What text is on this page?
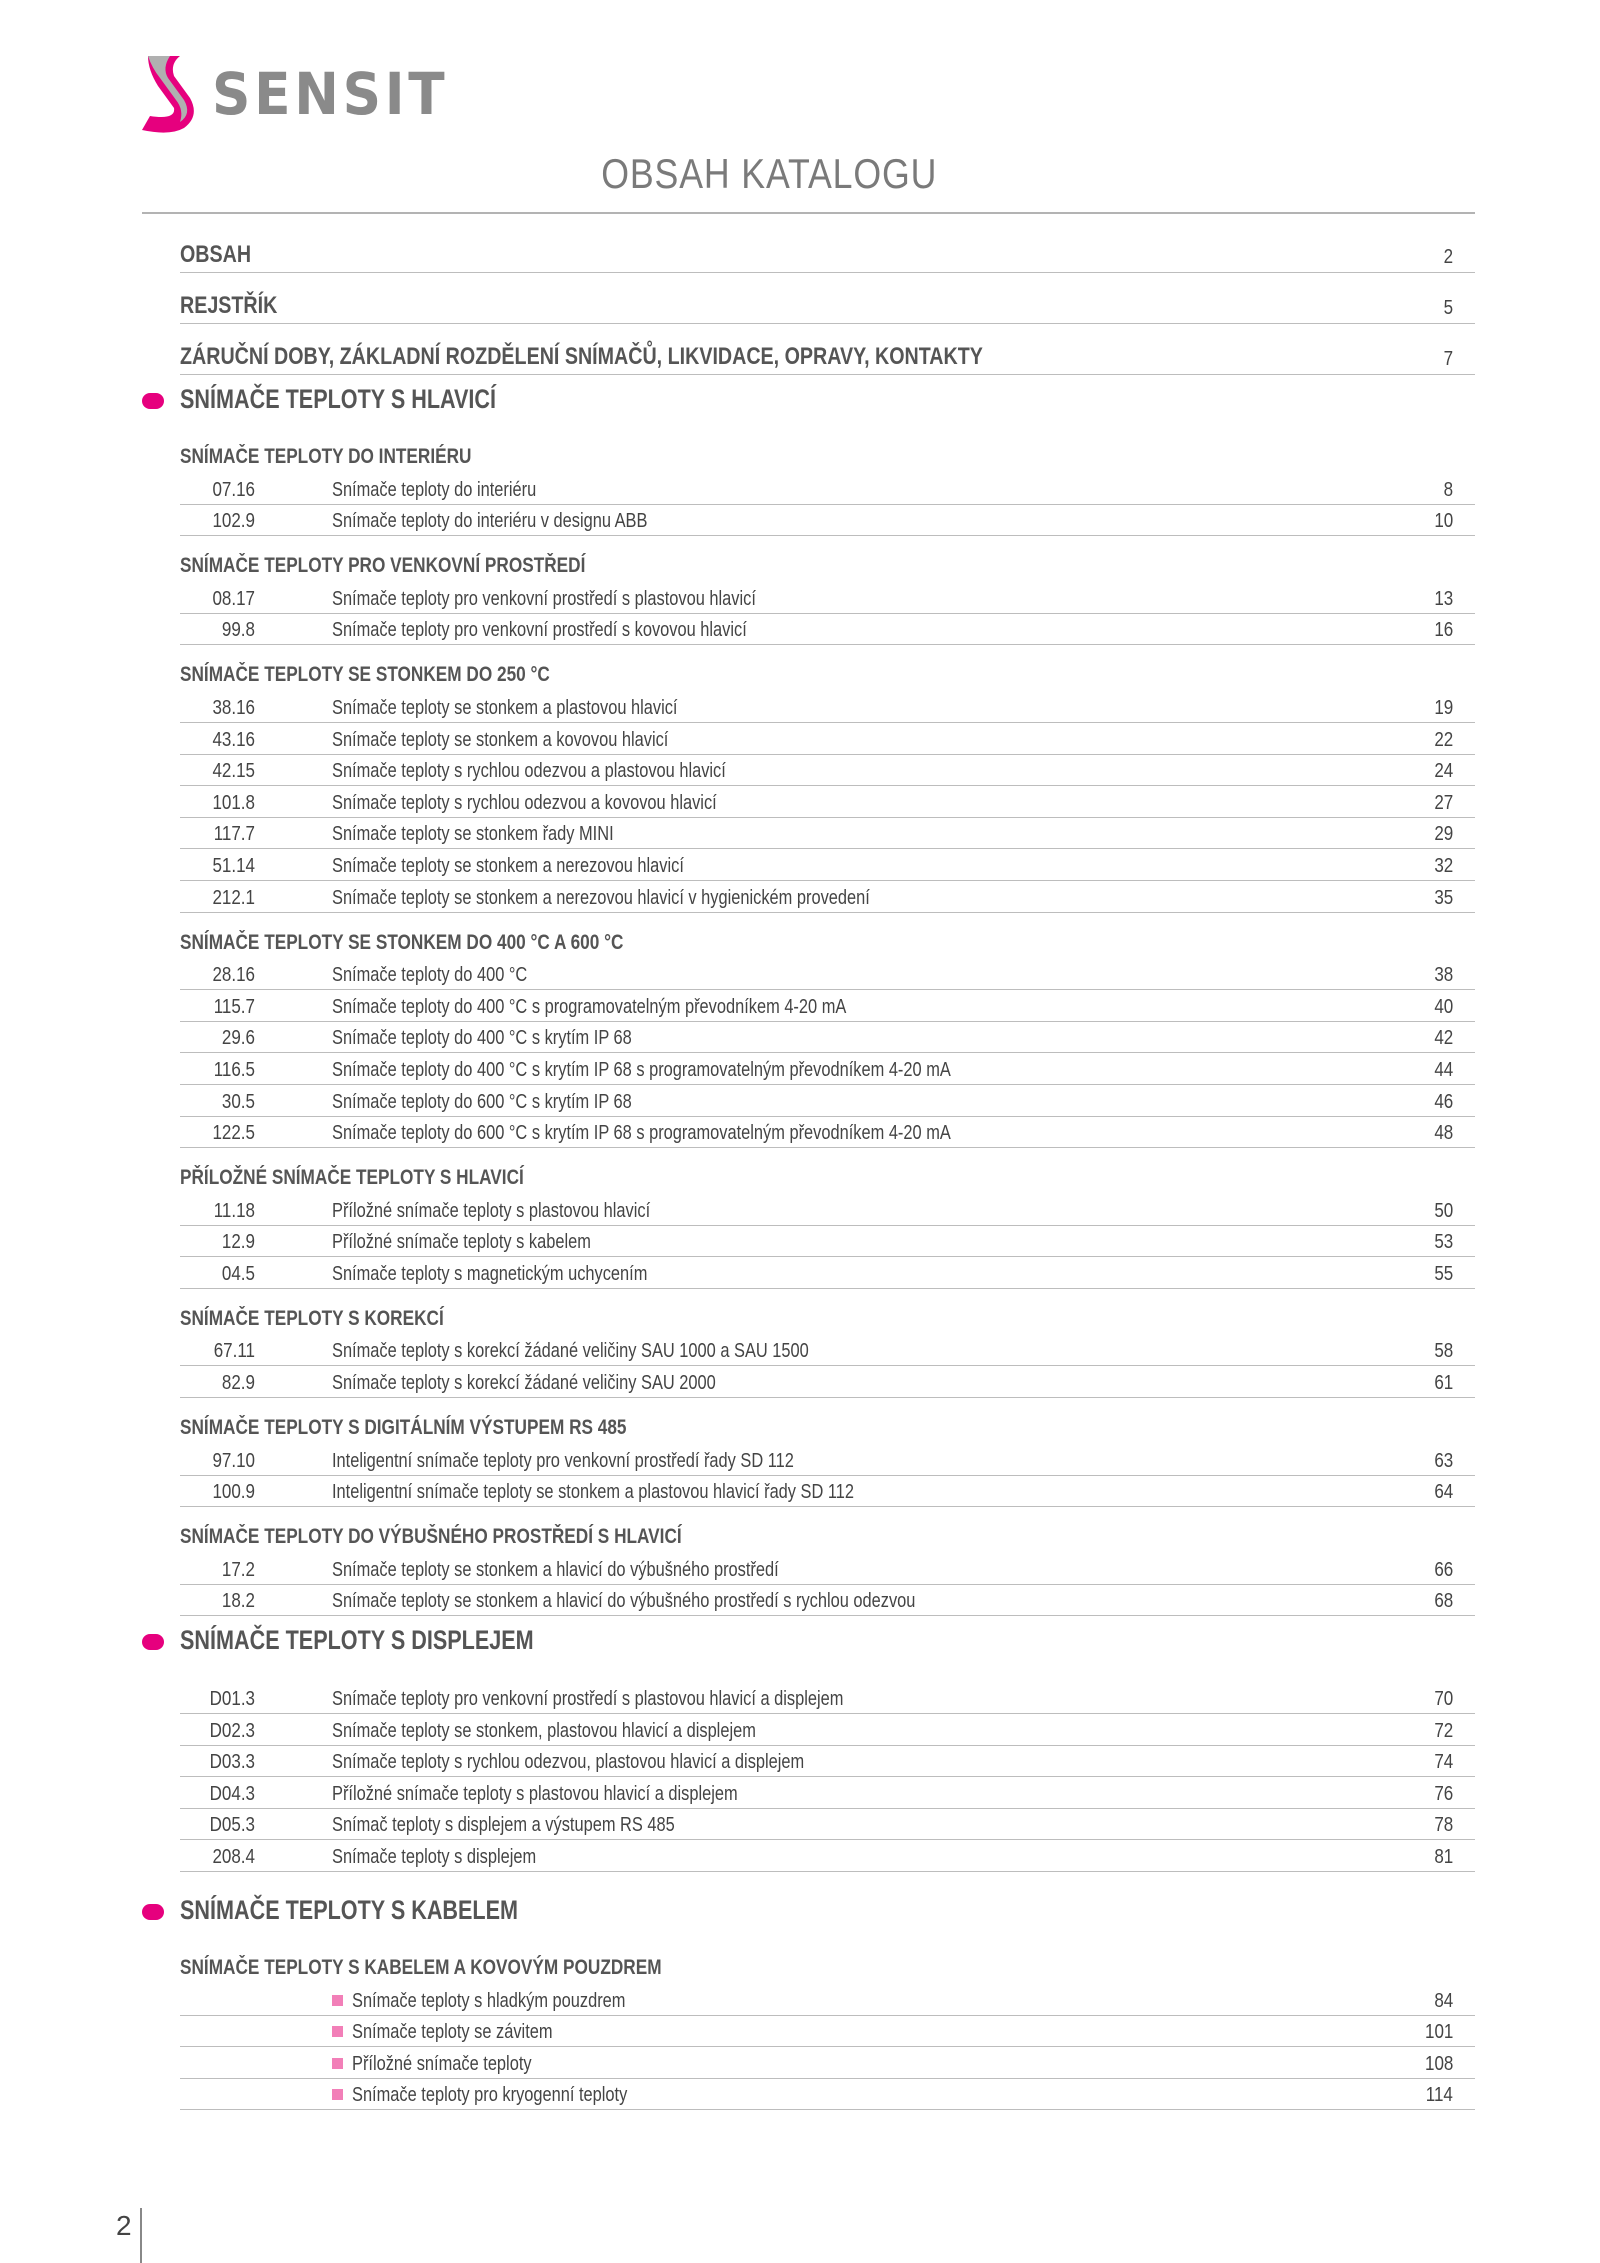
SENSIT
OBSAH KATALOGU
OBSAH	2
REJSTŘÍK	5
ZÁRUČNÍ DOBY, ZÁKLADNÍ ROZDĚLENÍ SNÍMAČŮ, LIKVIDACE, OPRAVY, KONTAKTY	7
SNÍMAČE TEPLOTY S HLAVICÍ
SNÍMAČE TEPLOTY DO INTERIÉRU
07.16	Snímače teploty do interiéru	8
102.9	Snímače teploty do interiéru v designu ABB	10
SNÍMAČE TEPLOTY PRO VENKOVNÍ PROSTŘEDÍ
08.17	Snímače teploty pro venkovní prostředí s plastovou hlavicí	13
99.8	Snímače teploty pro venkovní prostředí s kovovou hlavicí	16
SNÍMAČE TEPLOTY SE STONKEM DO 250 °C
38.16	Snímače teploty se stonkem a plastovou hlavicí	19
43.16	Snímače teploty se stonkem a kovovou hlavicí	22
42.15	Snímače teploty s rychlou odezvou a plastovou hlavicí	24
101.8	Snímače teploty s rychlou odezvou a kovovou hlavicí	27
117.7	Snímače teploty se stonkem řady MINI	29
51.14	Snímače teploty se stonkem a nerezovou hlavicí	32
212.1	Snímače teploty se stonkem a nerezovou hlavicí v hygienickém provedení	35
SNÍMAČE TEPLOTY SE STONKEM DO 400 °C A 600 °C
28.16	Snímače teploty do 400 °C	38
115.7	Snímače teploty do 400 °C s programovatelným převodníkem 4-20 mA	40
29.6	Snímače teploty do 400 °C s krytím IP 68	42
116.5	Snímače teploty do 400 °C s krytím IP 68 s programovatelným převodníkem 4-20 mA	44
30.5	Snímače teploty do 600 °C s krytím IP 68	46
122.5	Snímače teploty do 600 °C s krytím IP 68 s programovatelným převodníkem 4-20 mA	48
PŘÍLOŽNÉ SNÍMAČE TEPLOTY S HLAVICÍ
11.18	Příložné snímače teploty s plastovou hlavicí	50
12.9	Příložné snímače teploty s kabelem	53
04.5	Snímače teploty s magnetickým uchycením	55
SNÍMAČE TEPLOTY S KOREKCÍ
67.11	Snímače teploty s korekcí žádané veličiny SAU 1000 a SAU 1500	58
82.9	Snímače teploty s korekcí žádané veličiny SAU 2000	61
SNÍMAČE TEPLOTY S DIGITÁLNÍM VÝSTUPEM RS 485
97.10	Inteligentní snímače teploty pro venkovní prostředí řady SD 112	63
100.9	Inteligentní snímače teploty se stonkem a plastovou hlavicí řady SD 112	64
SNÍMAČE TEPLOTY DO VÝBUŠNÉHO PROSTŘEDÍ S HLAVICÍ
17.2	Snímače teploty se stonkem a hlavicí do výbušného prostředí	66
18.2	Snímače teploty se stonkem a hlavicí do výbušného prostředí s rychlou odezvou	68
SNÍMAČE TEPLOTY S DISPLEJEM
D01.3	Snímače teploty pro venkovní prostředí s plastovou hlavicí a displejem	70
D02.3	Snímače teploty se stonkem, plastovou hlavicí a displejem	72
D03.3	Snímače teploty s rychlou odezvou, plastovou hlavicí a displejem	74
D04.3	Příložné snímače teploty s plastovou hlavicí a displejem	76
D05.3	Snímač teploty s displejem a výstupem RS 485	78
208.4	Snímače teploty s displejem	81
SNÍMAČE TEPLOTY S KABELEM
SNÍMAČE TEPLOTY S KABELEM A KOVOVÝM POUZDREM
Snímače teploty s hladkým pouzdrem	84
Snímače teploty se závitem	101
Příložné snímače teploty	108
Snímače teploty pro kryogenní teploty	114
2
